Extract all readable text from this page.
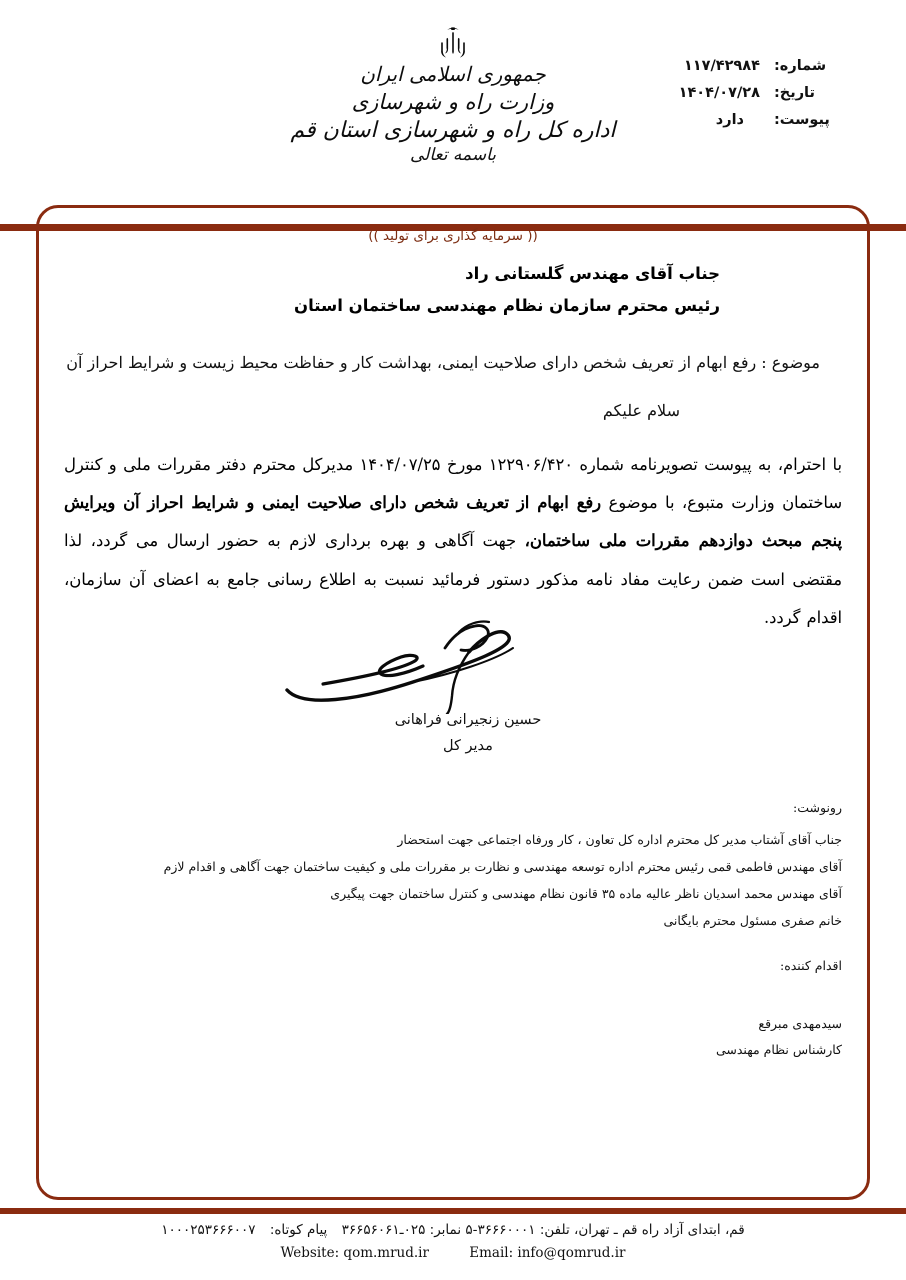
شماره:
۱۱۷/۴۲۹۸۴
تاریخ:
۱۴۰۴/۰۷/۲۸
پیوست:
دارد
جمهوری اسلامی ایران
وزارت راه و شهرسازی
اداره کل راه و شهرسازی استان قم
باسمه تعالی
(( سرمایه گذاری برای تولید ))
جناب آقای مهندس گلستانی راد
رئیس محترم سازمان نظام مهندسی ساختمان استان
موضوع : رفع ابهام از تعریف شخص دارای صلاحیت ایمنی، بهداشت کار و حفاظت محیط زیست و شرایط احراز آن
سلام علیکم
با احترام، به پیوست تصویرنامه شماره ۱۲۲۹۰۶/۴۲۰ مورخ ۱۴۰۴/۰۷/۲۵ مدیرکل محترم دفتر مقررات ملی و کنترل ساختمان وزارت متبوع، با موضوع رفع ابهام از تعریف شخص دارای صلاحیت ایمنی و شرایط احراز آن ویرایش پنجم مبحث دوازدهم مقررات ملی ساختمان، جهت آگاهی و بهره برداری لازم به حضور ارسال می گردد، لذا مقتضی است ضمن رعایت مفاد نامه مذکور دستور فرمائید نسبت به اطلاع رسانی جامع به اعضای آن سازمان، اقدام گردد.
حسین زنجیرانی فراهانی
مدیر کل
رونوشت:
جناب آقای آشتاب مدیر کل محترم اداره کل تعاون ، کار ورفاه اجتماعی جهت استحضار
آقای مهندس فاطمی قمی رئیس محترم اداره توسعه مهندسی و نظارت بر مقررات ملی و کیفیت ساختمان جهت آگاهی و اقدام لازم
آقای مهندس محمد اسدیان ناظر عالیه ماده ۳۵ قانون نظام مهندسی و کنترل ساختمان جهت پیگیری
خانم صفری مسئول محترم بایگانی
اقدام کننده:
سیدمهدی مبرقع
کارشناس نظام مهندسی
قم، ابتدای آزاد راه قم ـ تهران، تلفن: ۳۶۶۶۰۰۰۱-۵ نمابر: ۰۲۵ـ۳۶۶۵۶۰۶۱ پیام کوتاه: ۱۰۰۰۲۵۳۶۶۶۰۰۷
Website: qom.mrud.ir	Email: info@qomrud.ir
